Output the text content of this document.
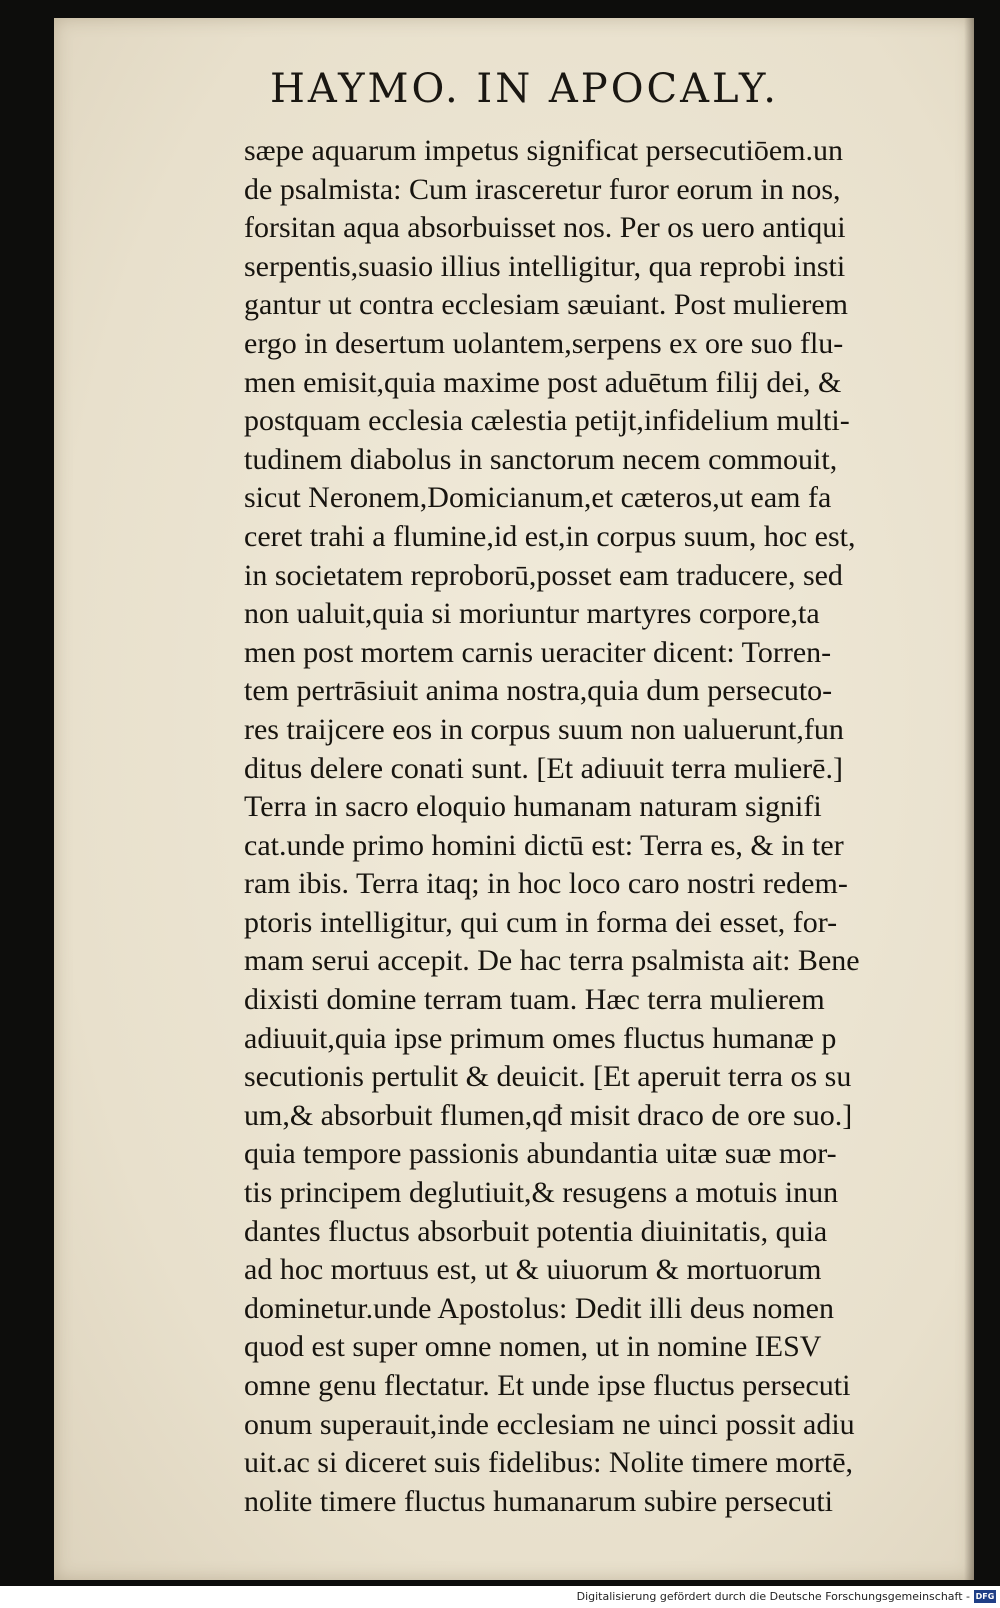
HAYMO. IN APOCALY.
sæpe aquarum impetus significat persecutiōem.un
de psalmista: Cum irasceretur furor eorum in nos,
forsitan aqua absorbuisset nos. Per os uero antiqui
serpentis,suasio illius intelligitur, qua reprobi insti
gantur ut contra ecclesiam sæuiant. Post mulierem
ergo in desertum uolantem,serpens ex ore suo flu-
men emisit,quia maxime post aduētum filij dei, &
postquam ecclesia cælestia petijt,infidelium multi-
tudinem diabolus in sanctorum necem commouit,
sicut Neronem,Domicianum,et cæteros,ut eam fa
ceret trahi a flumine,id est,in corpus suum, hoc est,
in societatem reproborū,posset eam traducere, sed
non ualuit,quia si moriuntur martyres corpore,ta
men post mortem carnis ueraciter dicent: Torren-
tem pertrāsiuit anima nostra,quia dum persecuto-
res traijcere eos in corpus suum non ualuerunt,fun
ditus delere conati sunt. [Et adiuuit terra mulierē.]
Terra in sacro eloquio humanam naturam signifi
cat.unde primo homini dictū est: Terra es, & in ter
ram ibis. Terra itaq; in hoc loco caro nostri redem-
ptoris intelligitur, qui cum in forma dei esset, for-
mam serui accepit. De hac terra psalmista ait: Bene
dixisti domine terram tuam. Hæc terra mulierem
adiuuit,quia ipse primum omes fluctus humanæ p
secutionis pertulit & deuicit. [Et aperuit terra os su
um,& absorbuit flumen,qđ misit draco de ore suo.]
quia tempore passionis abundantia uitæ suæ mor-
tis principem deglutiuit,& resugens a motuis inun
dantes fluctus absorbuit potentia diuinitatis, quia
ad hoc mortuus est, ut & uiuorum & mortuorum
dominetur.unde Apostolus: Dedit illi deus nomen
quod est super omne nomen, ut in nomine IESV
omne genu flectatur. Et unde ipse fluctus persecuti
onum superauit,inde ecclesiam ne uinci possit adiu
uit.ac si diceret suis fidelibus: Nolite timere mortē,
nolite timere fluctus humanarum subire persecuti
Digitalisierung gefördert durch die Deutsche Forschungsgemeinschaft - DFG
